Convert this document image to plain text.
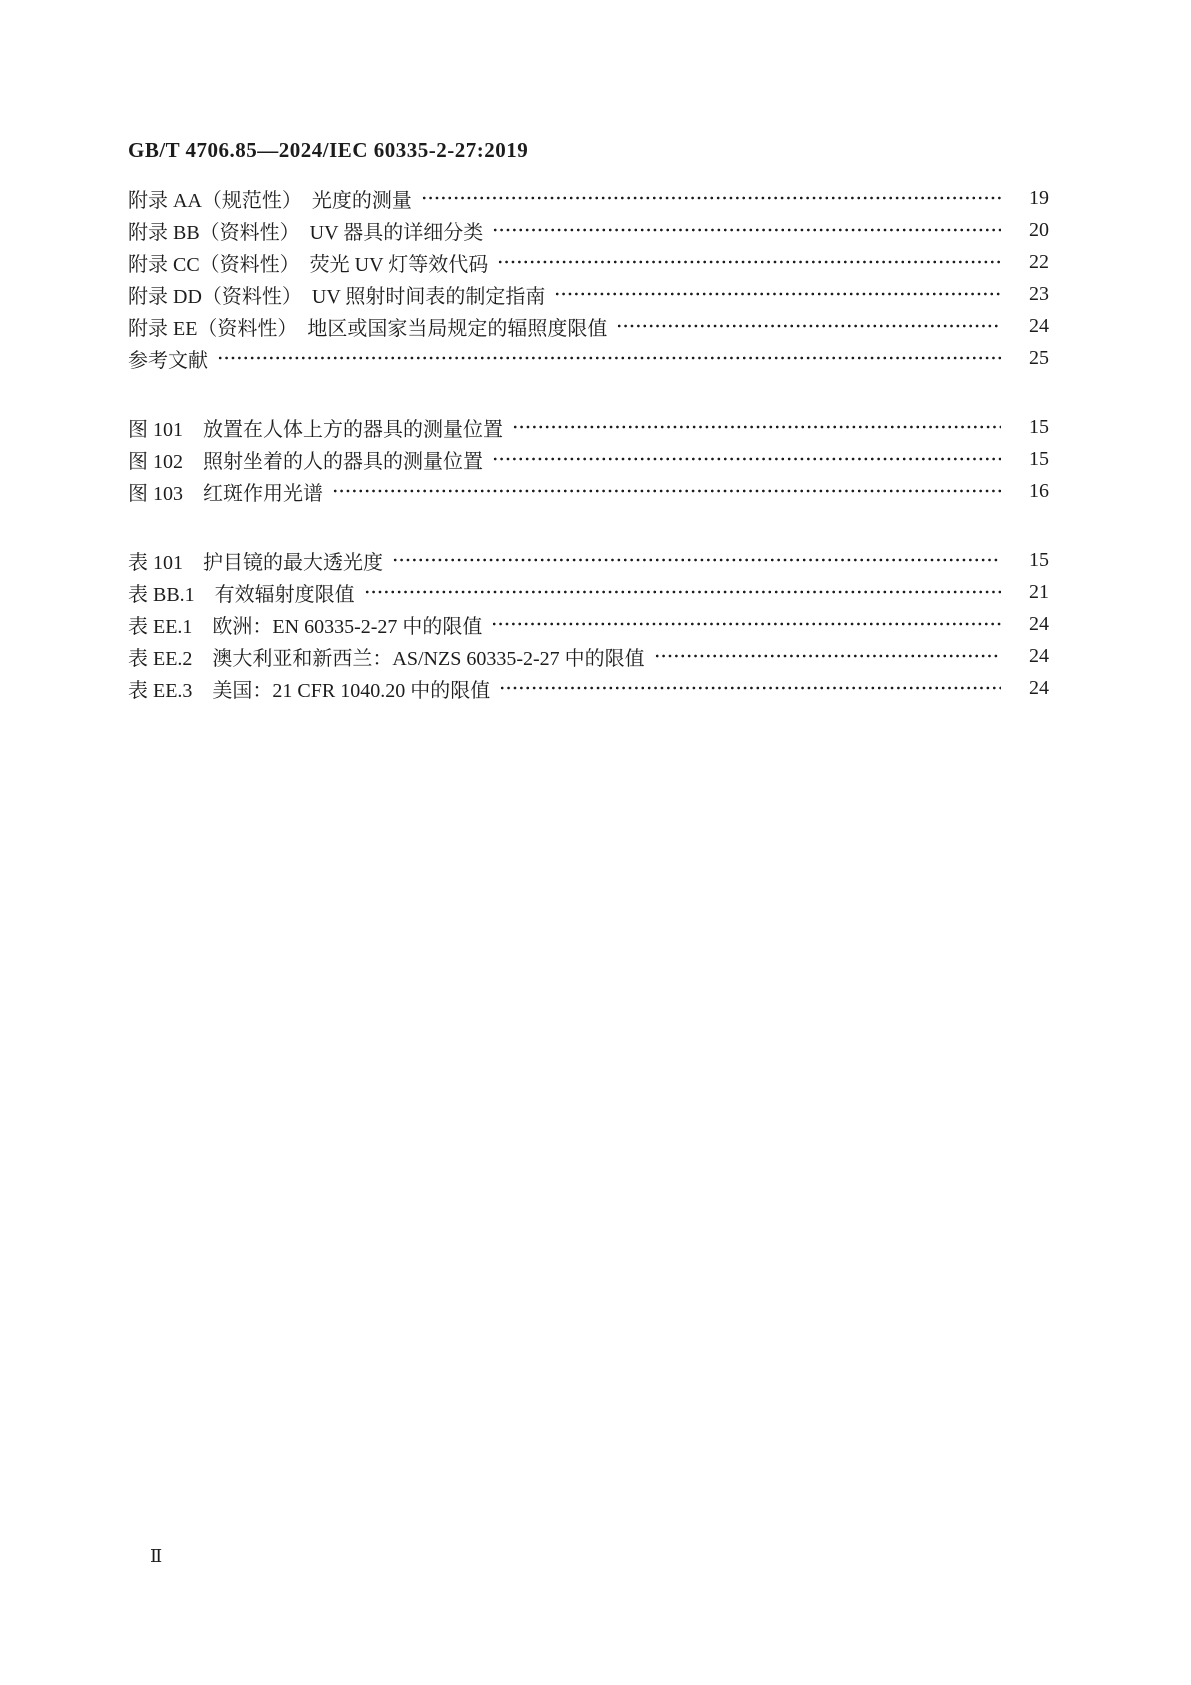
GB/T 4706.85—2024/IEC 60335-2-27:2019
附录 AA（规范性）　光度的测量	19
附录 BB（资料性）　UV 器具的详细分类	20
附录 CC（资料性）　荧光 UV 灯等效代码	22
附录 DD（资料性）　UV 照射时间表的制定指南	23
附录 EE（资料性）　地区或国家当局规定的辐照度限值	24
参考文献	25
图 101　放置在人体上方的器具的测量位置	15
图 102　照射坐着的人的器具的测量位置	15
图 103　红斑作用光谱	16
表 101　护目镜的最大透光度	15
表 BB.1　有效辐射度限值	21
表 EE.1　欧洲：EN 60335-2-27 中的限值	24
表 EE.2　澳大利亚和新西兰：AS/NZS 60335-2-27 中的限值	24
表 EE.3　美国：21 CFR 1040.20 中的限值	24
Ⅱ
